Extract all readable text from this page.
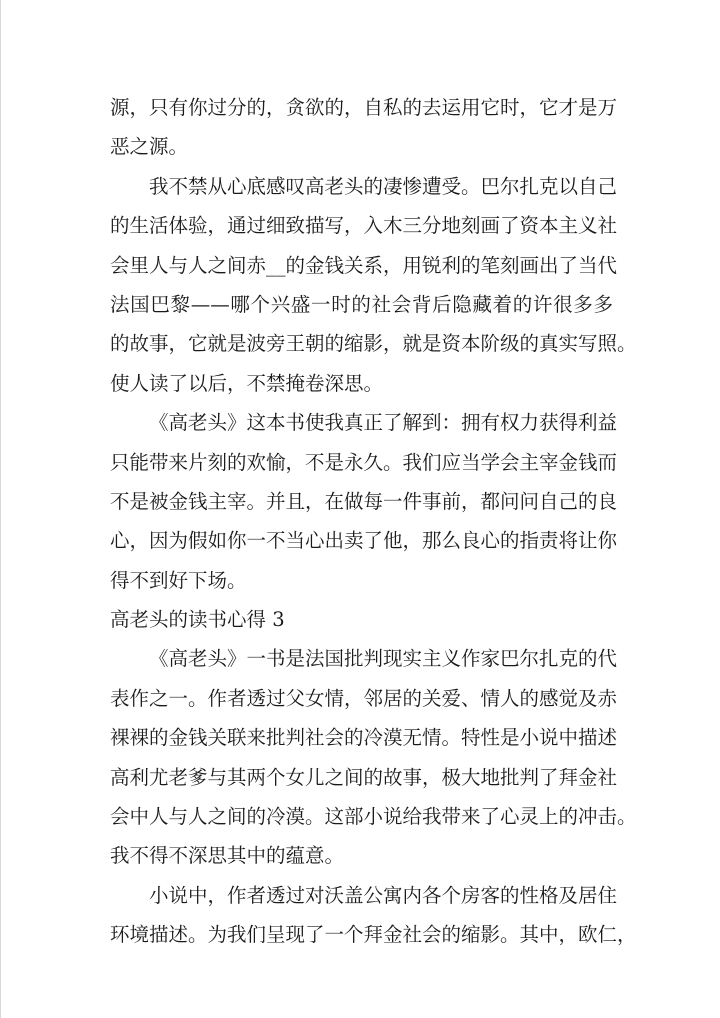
源，只有你过分的，贪欲的，自私的去运用它时，它才是万
恶之源。
我不禁从心底感叹高老头的凄惨遭受。巴尔扎克以自己
的生活体验，通过细致描写，入木三分地刻画了资本主义社
会里人与人之间赤__的金钱关系，用锐利的笔刻画出了当代
法国巴黎——哪个兴盛一时的社会背后隐藏着的许很多多
的故事，它就是波旁王朝的缩影，就是资本阶级的真实写照。
使人读了以后，不禁掩卷深思。
《高老头》这本书使我真正了解到：拥有权力获得利益
只能带来片刻的欢愉，不是永久。我们应当学会主宰金钱而
不是被金钱主宰。并且，在做每一件事前，都问问自己的良
心，因为假如你一不当心出卖了他，那么良心的指责将让你
得不到好下场。
高老头的读书心得 3
《高老头》一书是法国批判现实主义作家巴尔扎克的代
表作之一。作者透过父女情，邻居的关爱、情人的感觉及赤
裸裸的金钱关联来批判社会的冷漠无情。特性是小说中描述
高利尤老爹与其两个女儿之间的故事，极大地批判了拜金社
会中人与人之间的冷漠。这部小说给我带来了心灵上的冲击。
我不得不深思其中的蕴意。
小说中，作者透过对沃盖公寓内各个房客的性格及居住
环境描述。为我们呈现了一个拜金社会的缩影。其中，欧仁，
